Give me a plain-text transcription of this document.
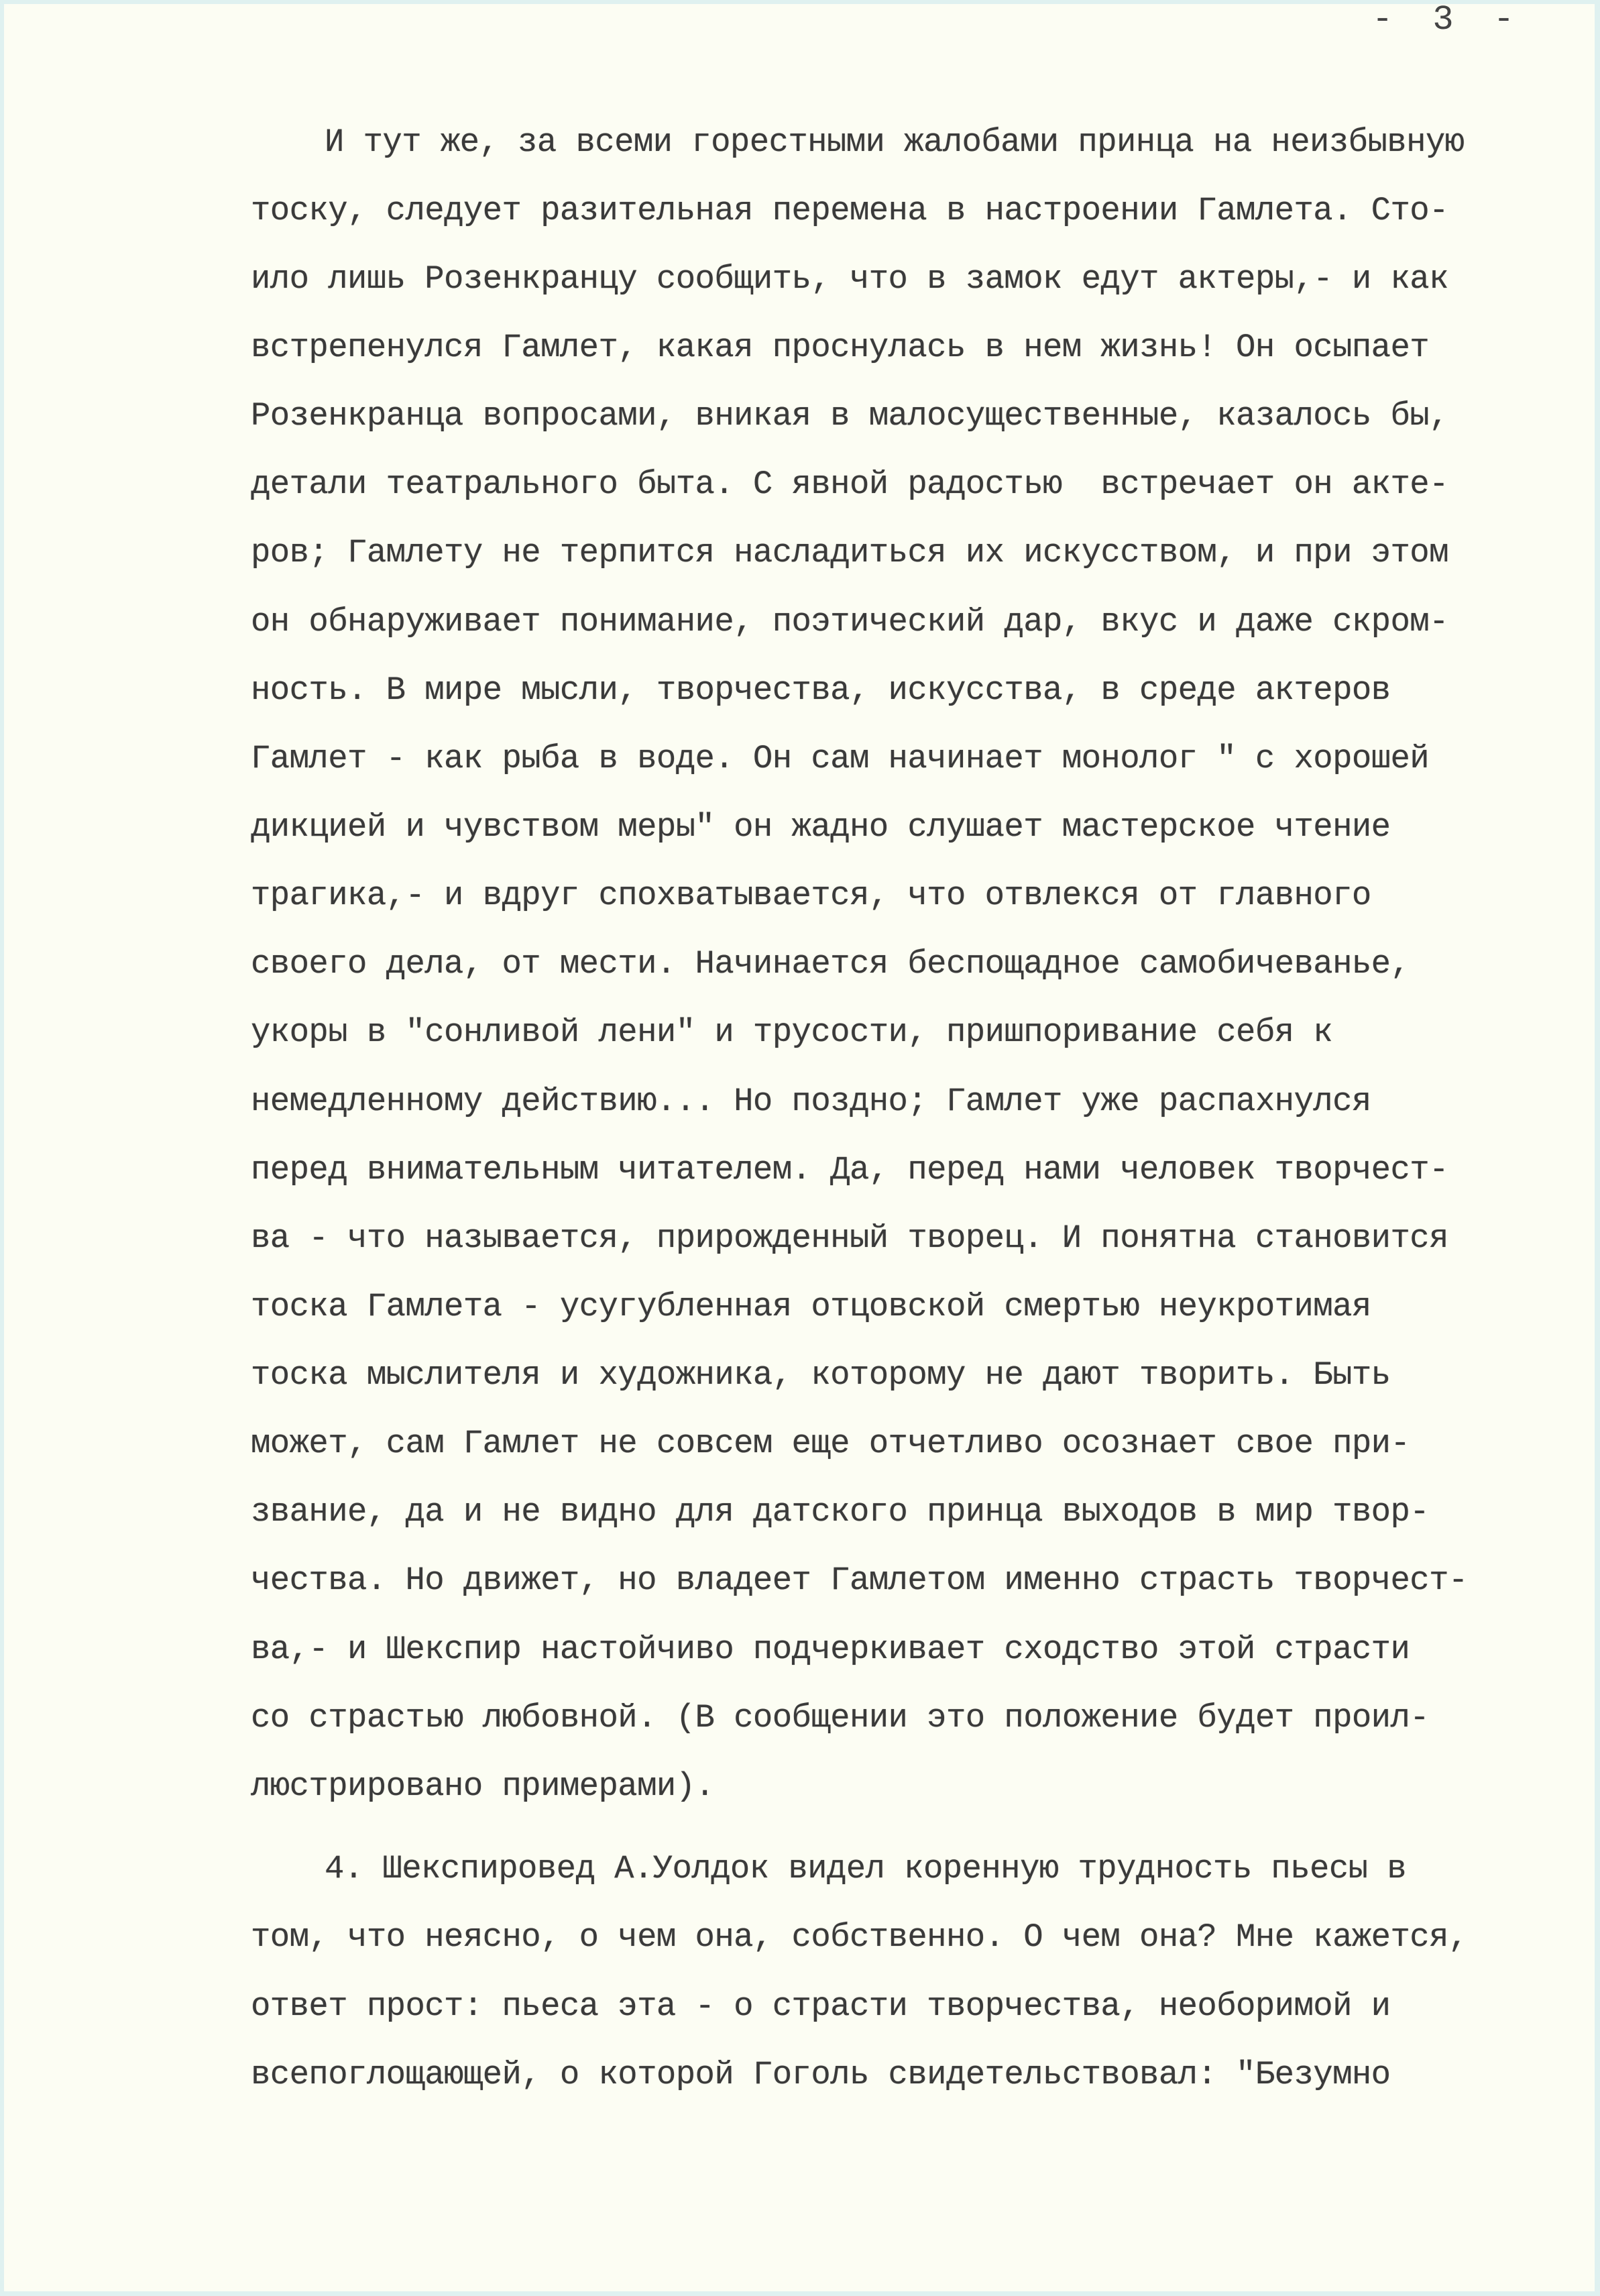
- 3 -
И тут же, за всеми горестными жалобами принца на неизбывную
тоску, следует разительная перемена в настроении Гамлета. Сто-
ило лишь Розенкранцу сообщить, что в замок едут актеры,- и как
встрепенулся Гамлет, какая проснулась в нем жизнь! Он осыпает
Розенкранца вопросами, вникая в малосущественные, казалось бы,
детали театрального быта. С явной радостью  встречает он акте-
ров; Гамлету не терпится насладиться их искусством, и при этом
он обнаруживает понимание, поэтический дар, вкус и даже скром-
ность. В мире мысли, творчества, искусства, в среде актеров
Гамлет - как рыба в воде. Он сам начинает монолог " с хорошей
дикцией и чувством меры" он жадно слушает мастерское чтение
трагика,- и вдруг спохватывается, что отвлекся от главного
своего дела, от мести. Начинается беспощадное самобичеванье,
укоры в "сонливой лени" и трусости, пришпоривание себя к
немедленному действию... Но поздно; Гамлет уже распахнулся
перед внимательным читателем. Да, перед нами человек творчест-
ва - что называется, прирожденный творец. И понятна становится
тоска Гамлета - усугубленная отцовской смертью неукротимая
тоска мыслителя и художника, которому не дают творить. Быть
может, сам Гамлет не совсем еще отчетливо осознает свое при-
звание, да и не видно для датского принца выходов в мир твор-
чества. Но движет, но владеет Гамлетом именно страсть творчест-
ва,- и Шекспир настойчиво подчеркивает сходство этой страсти
со страстью любовной. (В сообщении это положение будет проил-
люстрировано примерами).
4. Шекспировед А.Уолдок видел коренную трудность пьесы в
том, что неясно, о чем она, собственно. О чем она? Мне кажется,
ответ прост: пьеса эта - о страсти творчества, необоримой и
всепоглощающей, о которой Гоголь свидетельствовал: "Безумно
